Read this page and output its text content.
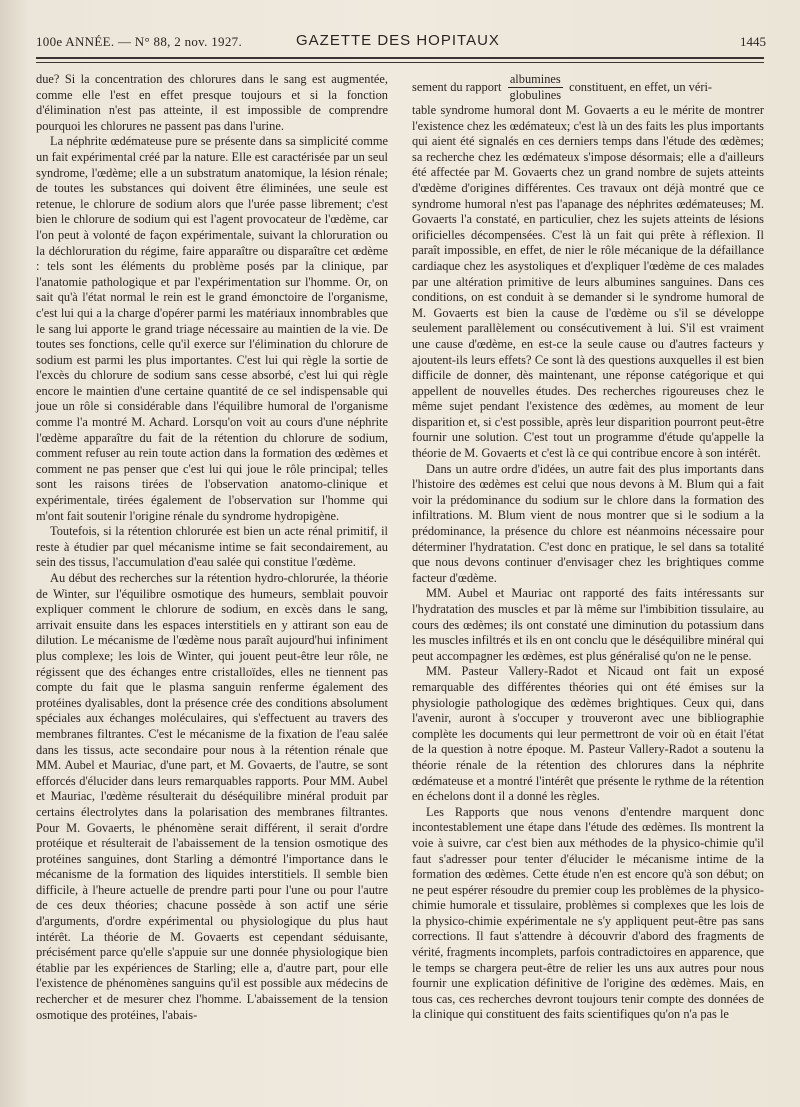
100e ANNÉE. — N° 88, 2 nov. 1927.	GAZETTE DES HOPITAUX	1445

due? Si la concentration des chlorures dans le sang est augmentée, comme elle l'est en effet presque toujours et si la fonction d'élimination n'est pas atteinte, il est impossible de comprendre pourquoi les chlorures ne passent pas dans l'urine.

La néphrite œdémateuse pure se présente dans sa simplicité comme un fait expérimental créé par la nature. Elle est caractérisée par un seul syndrome, l'œdème; elle a un substratum anatomique, la lésion rénale; de toutes les substances qui doivent être éliminées, une seule est retenue, le chlorure de sodium alors que l'urée passe librement; c'est bien le chlorure de sodium qui est l'agent provocateur de l'œdème, car l'on peut à volonté de façon expérimentale, suivant la chloruration ou la déchloruration du régime, faire apparaître ou disparaître cet œdème : tels sont les éléments du problème posés par la clinique, par l'anatomie pathologique et par l'expérimentation sur l'homme. Or, on sait qu'à l'état normal le rein est le grand émonctoire de l'organisme, c'est lui qui a la charge d'opérer parmi les matériaux innombrables que le sang lui apporte le grand triage nécessaire au maintien de la vie. De toutes ses fonctions, celle qu'il exerce sur l'élimination du chlorure de sodium est parmi les plus importantes. C'est lui qui règle la sortie de l'excès du chlorure de sodium sans cesse absorbé, c'est lui qui règle encore le maintien d'une certaine quantité de ce sel indispensable qui joue un rôle si considérable dans l'équilibre humoral de l'organisme comme l'a montré M. Achard. Lorsqu'on voit au cours d'une néphrite l'œdème apparaître du fait de la rétention du chlorure de sodium, comment refuser au rein toute action dans la formation des œdèmes et comment ne pas penser que c'est lui qui joue le rôle principal; telles sont les raisons tirées de l'observation anatomo-clinique et expérimentale, tirées également de l'observation sur l'homme qui m'ont fait soutenir l'origine rénale du syndrome hydropigène.

Toutefois, si la rétention chlorurée est bien un acte rénal primitif, il reste à étudier par quel mécanisme intime se fait secondairement, au sein des tissus, l'accumulation d'eau salée qui constitue l'œdème.

Au début des recherches sur la rétention hydro-chlorurée, la théorie de Winter, sur l'équilibre osmotique des humeurs, semblait pouvoir expliquer comment le chlorure de sodium, en excès dans le sang, arrivait ensuite dans les espaces interstitiels en y attirant son eau de dilution. Le mécanisme de l'œdème nous paraît aujourd'hui infiniment plus complexe; les lois de Winter, qui jouent peut-être leur rôle, ne régissent que des échanges entre cristalloïdes, elles ne tiennent pas compte du fait que le plasma sanguin renferme également des protéines dyalisables, dont la présence crée des conditions absolument spéciales aux échanges moléculaires, qui s'effectuent au travers des membranes filtrantes. C'est le mécanisme de la fixation de l'eau salée dans les tissus, acte secondaire pour nous à la rétention rénale que MM. Aubel et Mauriac, d'une part, et M. Govaerts, de l'autre, se sont efforcés d'élucider dans leurs remarquables rapports. Pour MM. Aubel et Mauriac, l'œdème résulterait du déséquilibre minéral produit par certains électrolytes dans la polarisation des membranes filtrantes. Pour M. Govaerts, le phénomène serait différent, il serait d'ordre protéique et résulterait de l'abaissement de la tension osmotique des protéines sanguines, dont Starling a démontré l'importance dans le mécanisme de la formation des liquides interstitiels. Il semble bien difficile, à l'heure actuelle de prendre parti pour l'une ou pour l'autre de ces deux théories; chacune possède à son actif une série d'arguments, d'ordre expérimental ou physiologique du plus haut intérêt. La théorie de M. Govaerts est cependant séduisante, précisément parce qu'elle s'appuie sur une donnée physiologique bien établie par les expériences de Starling; elle a, d'autre part, pour elle l'existence de phénomènes sanguins qu'il est possible aux médecins de rechercher et de mesurer chez l'homme. L'abaissement de la tension osmotique des protéines, l'abais-

sement du rapport $\frac{\text{albumines}}{\text{globulines}}$ constituent, en effet, un véri-

table syndrome humoral dont M. Govaerts a eu le mérite de montrer l'existence chez les œdémateux; c'est là un des faits les plus importants qui aient été signalés en ces derniers temps dans l'étude des œdèmes; sa recherche chez les œdémateux s'impose désormais; elle a d'ailleurs été affectée par M. Govaerts chez un grand nombre de sujets atteints d'œdème d'origines différentes. Ces travaux ont déjà montré que ce syndrome humoral n'est pas l'apanage des néphrites œdémateuses; M. Govaerts l'a constaté, en particulier, chez les sujets atteints de lésions orificielles décompensées. C'est là un fait qui prête à réflexion. Il paraît impossible, en effet, de nier le rôle mécanique de la défaillance cardiaque chez les asystoliques et d'expliquer l'œdème de ces malades par une altération primitive de leurs albumines sanguines. Dans ces conditions, on est conduit à se demander si le syndrome humoral de M. Govaerts est bien la cause de l'œdème ou s'il se développe seulement parallèlement ou consécutivement à lui. S'il est vraiment une cause d'œdème, en est-ce la seule cause ou d'autres facteurs y ajoutent-ils leurs effets? Ce sont là des questions auxquelles il est bien difficile de donner, dès maintenant, une réponse catégorique et qui appellent de nouvelles études. Des recherches rigoureuses chez le même sujet pendant l'existence des œdèmes, au moment de leur disparition et, si c'est possible, après leur disparition pourront peut-être fournir une solution. C'est tout un programme d'étude qu'appelle la théorie de M. Govaerts et c'est là ce qui contribue encore à son intérêt.

Dans un autre ordre d'idées, un autre fait des plus importants dans l'histoire des œdèmes est celui que nous devons à M. Blum qui a fait voir la prédominance du sodium sur le chlore dans la formation des infiltrations. M. Blum vient de nous montrer que si le sodium a la prédominance, la présence du chlore est néanmoins nécessaire pour déterminer l'hydratation. C'est donc en pratique, le sel dans sa totalité que nous devons continuer d'envisager chez les brightiques comme facteur d'œdème.

MM. Aubel et Mauriac ont rapporté des faits intéressants sur l'hydratation des muscles et par là même sur l'imbibition tissulaire, au cours des œdèmes; ils ont constaté une diminution du potassium dans les muscles infiltrés et ils en ont conclu que le déséquilibre minéral qui peut accompagner les œdèmes, est plus généralisé qu'on ne le pense.

MM. Pasteur Vallery-Radot et Nicaud ont fait un exposé remarquable des différentes théories qui ont été émises sur la physiologie pathologique des œdèmes brightiques. Ceux qui, dans l'avenir, auront à s'occuper y trouveront avec une bibliographie complète les documents qui leur permettront de voir où en était l'état de la question à notre époque. M. Pasteur Vallery-Radot a soutenu la théorie rénale de la rétention des chlorures dans la néphrite œdémateuse et a montré l'intérêt que présente le rythme de la rétention en échelons dont il a donné les règles.

Les Rapports que nous venons d'entendre marquent donc incontestablement une étape dans l'étude des œdèmes. Ils montrent la voie à suivre, car c'est bien aux méthodes de la physico-chimie qu'il faut s'adresser pour tenter d'élucider le mécanisme intime de la formation des œdèmes. Cette étude n'en est encore qu'à son début; on ne peut espérer résoudre du premier coup les problèmes de la physico-chimie humorale et tissulaire, problèmes si complexes que les lois de la physico-chimie expérimentale ne s'y appliquent peut-être pas sans corrections. Il faut s'attendre à découvrir d'abord des fragments de vérité, fragments incomplets, parfois contradictoires en apparence, que le temps se chargera peut-être de relier les uns aux autres pour nous fournir une explication définitive de l'origine des œdèmes. Mais, en tous cas, ces recherches devront toujours tenir compte des données de la clinique qui constituent des faits scientifiques qu'on n'a pas le
